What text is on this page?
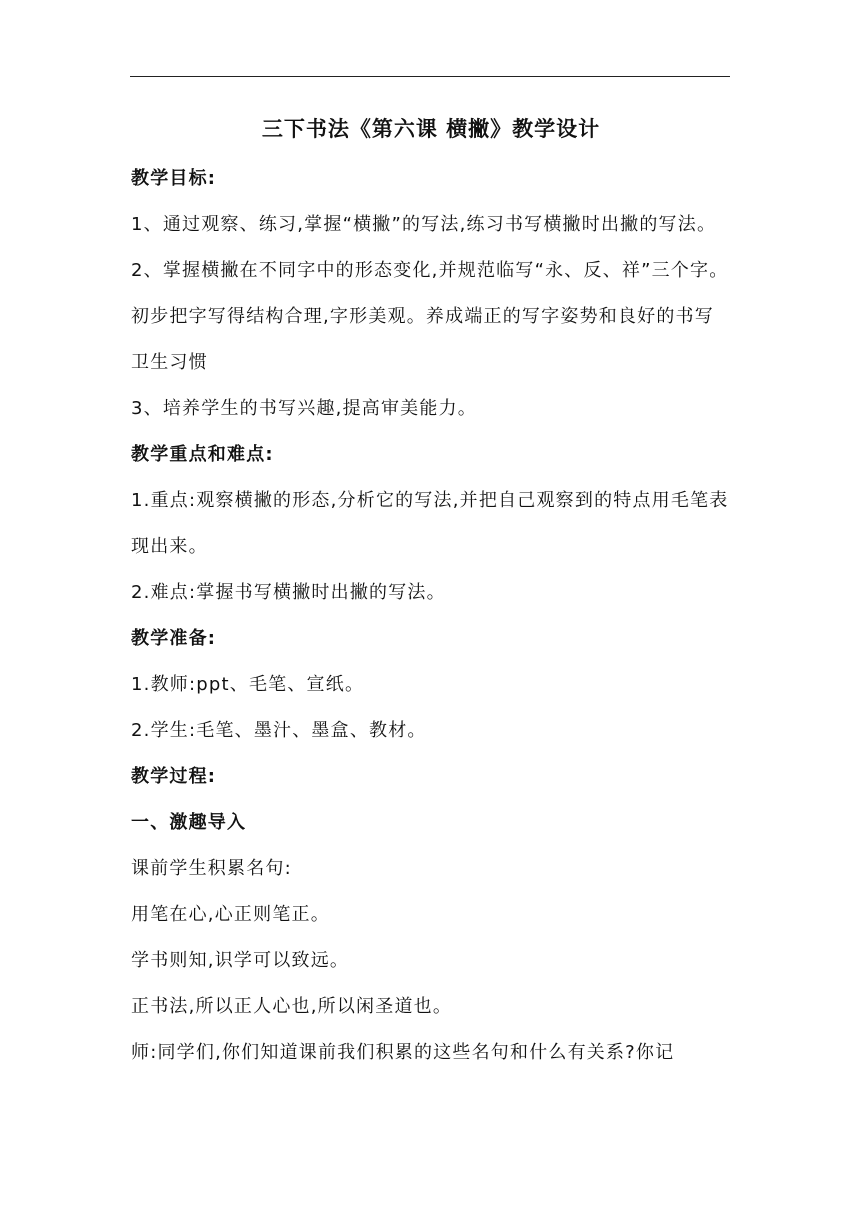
三下书法《第六课 横撇》教学设计
教学目标:
1、通过观察、练习,掌握“横撇”的写法,练习书写横撇时出撇的写法。
2、掌握横撇在不同字中的形态变化,并规范临写“永、反、祥”三个字。初步把字写得结构合理,字形美观。养成端正的写字姿势和良好的书写卫生习惯
3、培养学生的书写兴趣,提高审美能力。
教学重点和难点:
1.重点:观察横撇的形态,分析它的写法,并把自己观察到的特点用毛笔表现出来。
2.难点:掌握书写横撇时出撇的写法。
教学准备:
1.教师:ppt、毛笔、宣纸。
2.学生:毛笔、墨汁、墨盒、教材。
教学过程:
一、激趣导入
课前学生积累名句:
用笔在心,心正则笔正。
学书则知,识学可以致远。
正书法,所以正人心也,所以闲圣道也。
师:同学们,你们知道课前我们积累的这些名句和什么有关系?你记
